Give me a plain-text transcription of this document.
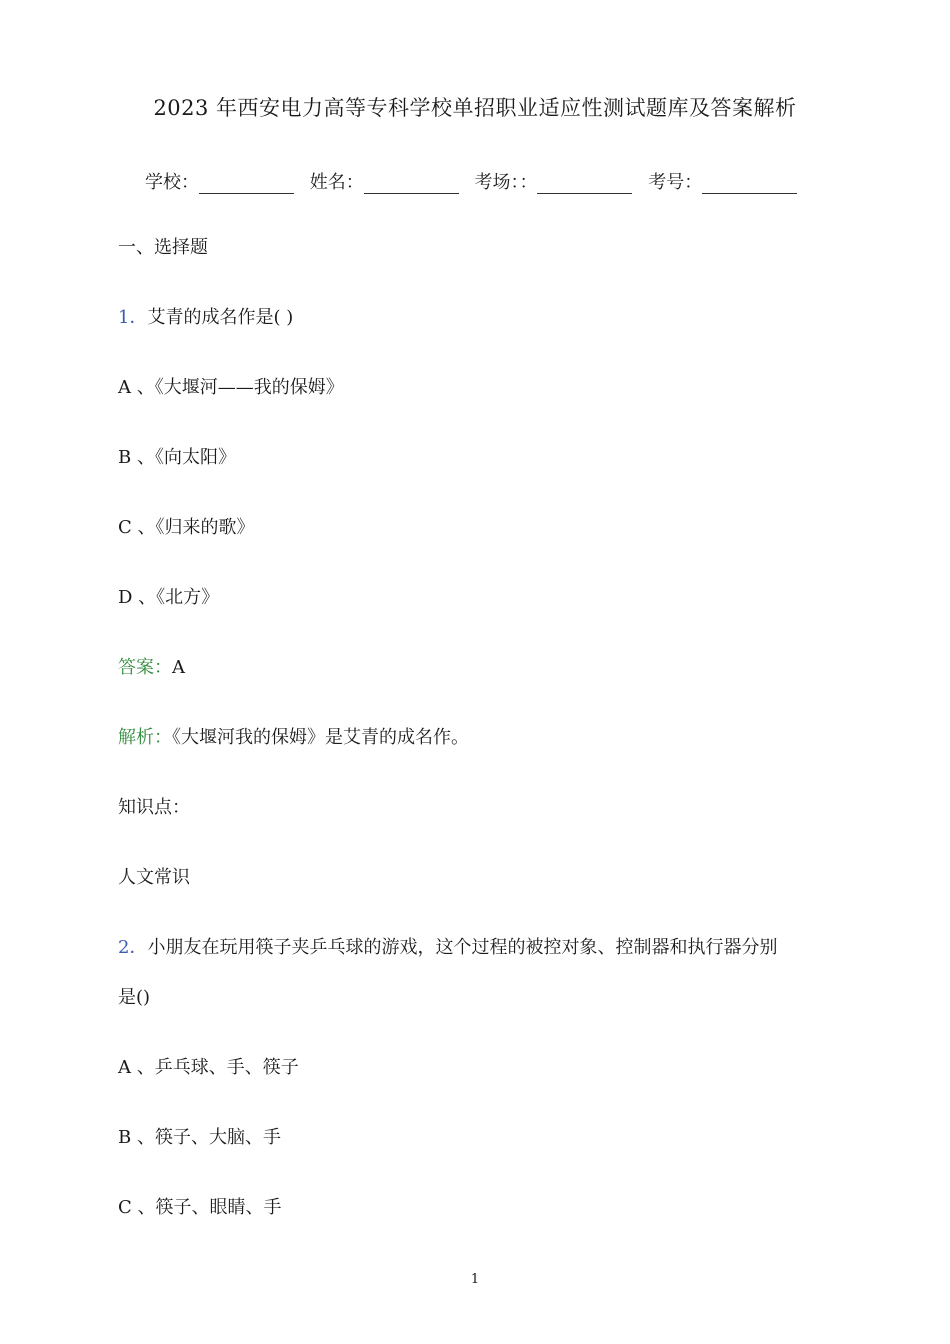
2023 年西安电力高等专科学校单招职业适应性测试题库及答案解析
学校：	姓名：	考场：：	考号：
一、选择题
1．艾青的成名作是( )
A 、《大堰河——我的保姆》
B 、《向太阳》
C 、《归来的歌》
D 、《北方》
答案：A
解析：《大堰河我的保姆》是艾青的成名作。
知识点：
人文常识
2．小朋友在玩用筷子夹乒乓球的游戏，这个过程的被控对象、控制器和执行器分别
是()
A 、乒乓球、手、筷子
B 、筷子、大脑、手
C 、筷子、眼睛、手
1
